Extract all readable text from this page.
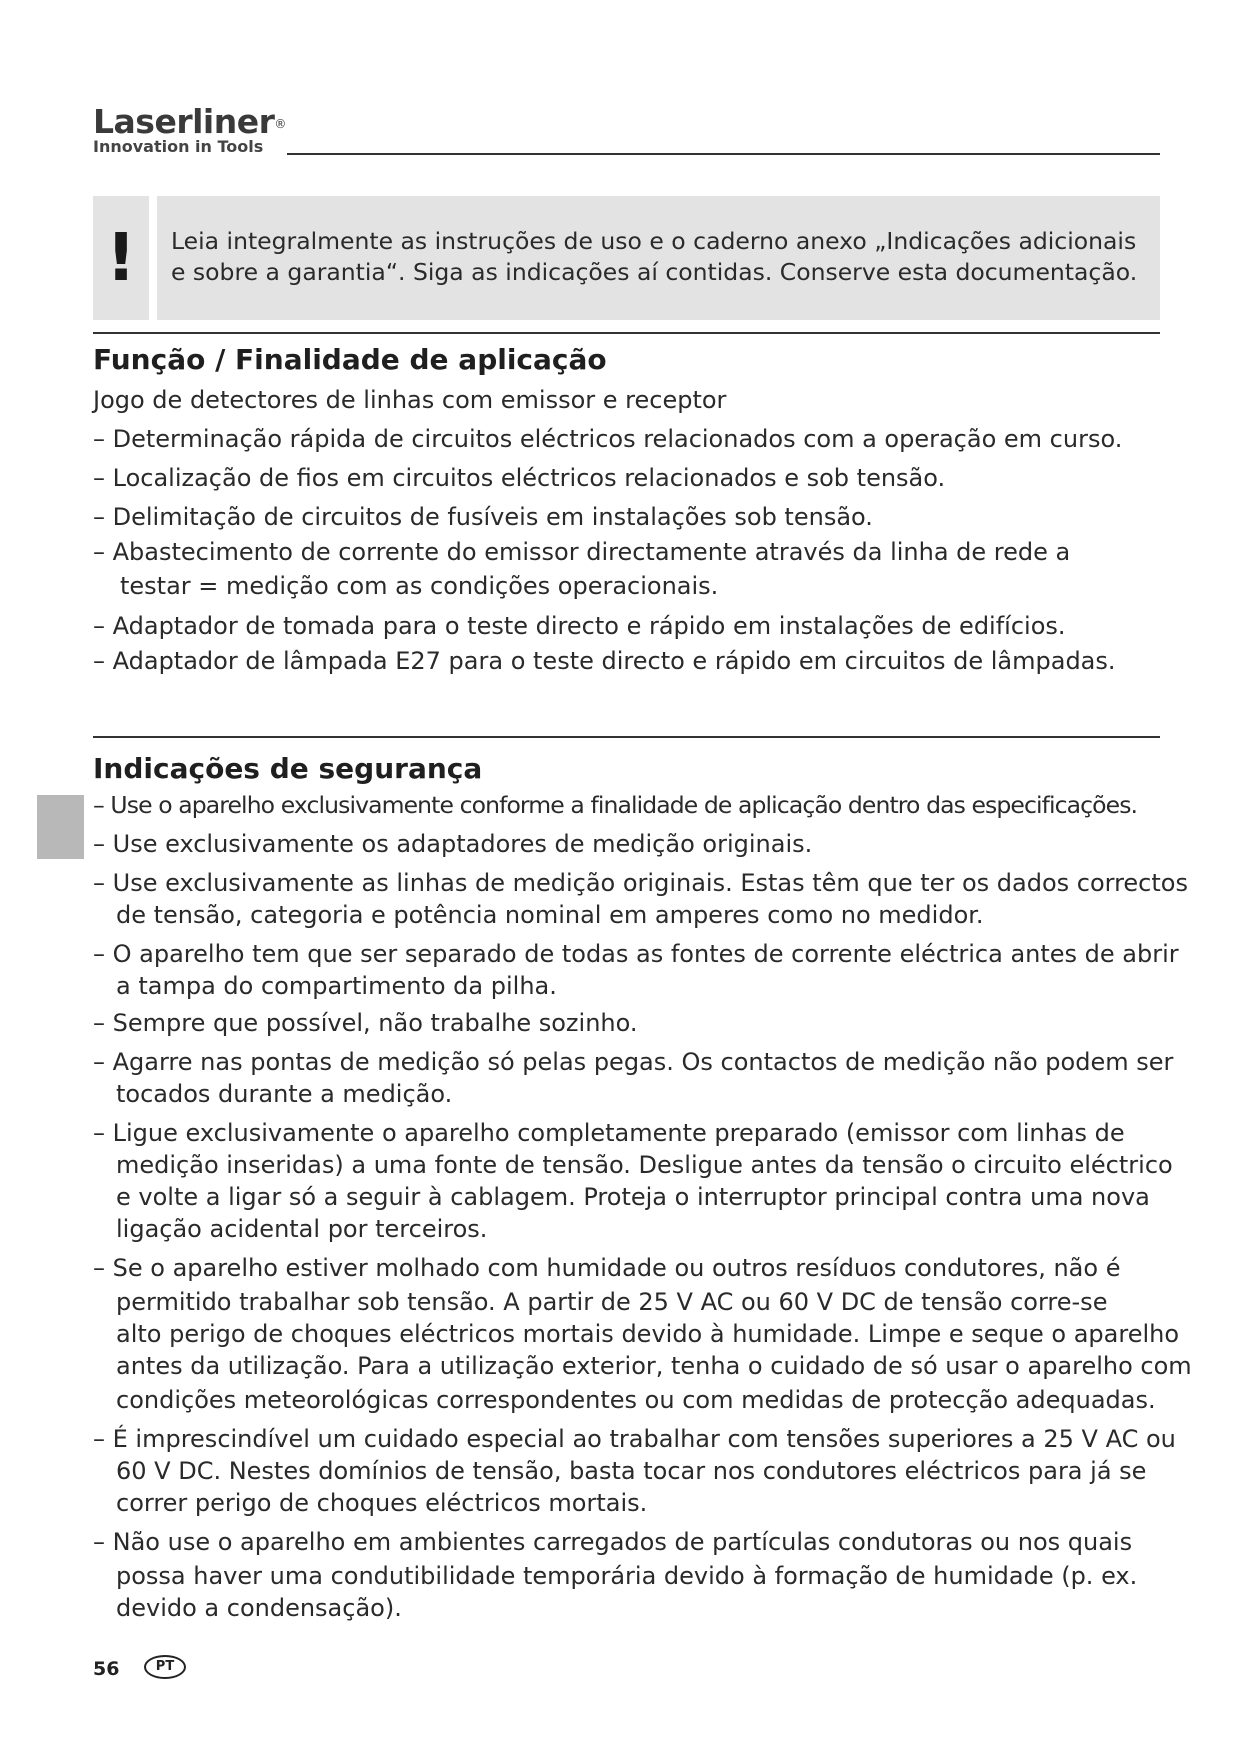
Laserliner®
Innovation in Tools
!	Leia integralmente as instruções de uso e o caderno anexo „Indicações adicionais
e sobre a garantia“. Siga as indicações aí contidas. Conserve esta documentação.
Função / Finalidade de aplicação
Jogo de detectores de linhas com emissor e receptor
– Determinação rápida de circuitos eléctricos relacionados com a operação em curso.
– Localização de fios em circuitos eléctricos relacionados e sob tensão.
– Delimitação de circuitos de fusíveis em instalações sob tensão.
– Abastecimento de corrente do emissor directamente através da linha de rede a
testar = medição com as condições operacionais.
– Adaptador de tomada para o teste directo e rápido em instalações de edifícios.
– Adaptador de lâmpada E27 para o teste directo e rápido em circuitos de lâmpadas.
Indicações de segurança
– Use o aparelho exclusivamente conforme a finalidade de aplicação dentro das especificações.
– Use exclusivamente os adaptadores de medição originais.
– Use exclusivamente as linhas de medição originais. Estas têm que ter os dados correctos
de tensão, categoria e potência nominal em amperes como no medidor.
– O aparelho tem que ser separado de todas as fontes de corrente eléctrica antes de abrir
a tampa do compartimento da pilha.
– Sempre que possível, não trabalhe sozinho.
– Agarre nas pontas de medição só pelas pegas. Os contactos de medição não podem ser
tocados durante a medição.
– Ligue exclusivamente o aparelho completamente preparado (emissor com linhas de
medição inseridas) a uma fonte de tensão. Desligue antes da tensão o circuito eléctrico
e volte a ligar só a seguir à cablagem. Proteja o interruptor principal contra uma nova
ligação acidental por terceiros.
– Se o aparelho estiver molhado com humidade ou outros resíduos condutores, não é
permitido trabalhar sob tensão. A partir de 25 V AC ou 60 V DC de tensão corre-se
alto perigo de choques eléctricos mortais devido à humidade. Limpe e seque o aparelho
antes da utilização. Para a utilização exterior, tenha o cuidado de só usar o aparelho com
condições meteorológicas correspondentes ou com medidas de protecção adequadas.
– É imprescindível um cuidado especial ao trabalhar com tensões superiores a 25 V AC ou
60 V DC. Nestes domínios de tensão, basta tocar nos condutores eléctricos para já se
correr perigo de choques eléctricos mortais.
– Não use o aparelho em ambientes carregados de partículas condutoras ou nos quais
possa haver uma condutibilidade temporária devido à formação de humidade (p. ex.
devido a condensação).
56	PT
